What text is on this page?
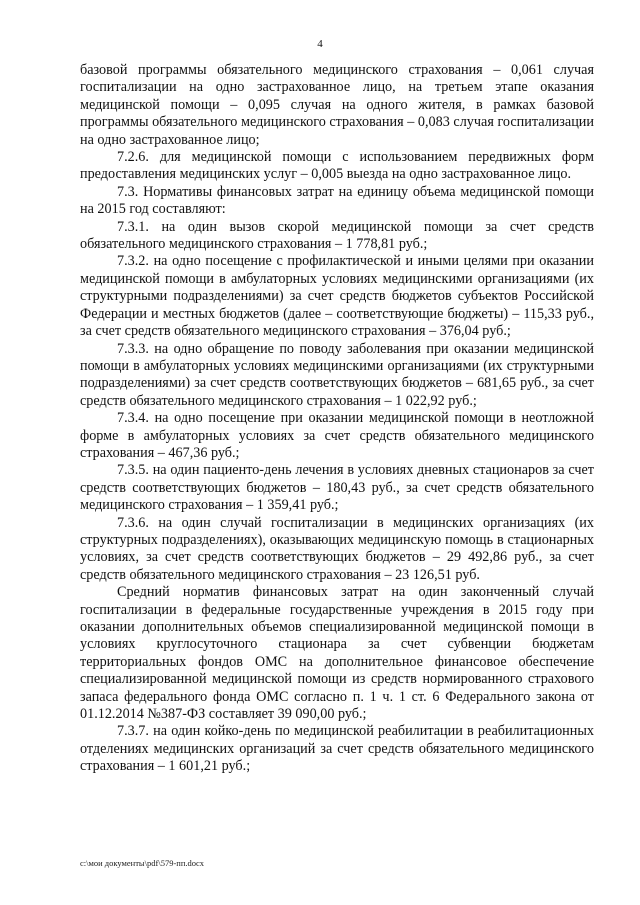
4

базовой программы обязательного медицинского страхования – 0,061 случая госпитализации на одно застрахованное лицо, на третьем этапе оказания медицинской помощи – 0,095 случая на одного жителя, в рамках базовой программы обязательного медицинского страхования – 0,083 случая госпитализации на одно застрахованное лицо;

7.2.6. для медицинской помощи с использованием передвижных форм предоставления медицинских услуг – 0,005 выезда на одно застрахованное лицо.

7.3. Нормативы финансовых затрат на единицу объема медицинской помощи на 2015 год составляют:

7.3.1. на один вызов скорой медицинской помощи за счет средств обязательного медицинского страхования – 1 778,81 руб.;

7.3.2. на одно посещение с профилактической и иными целями при оказании медицинской помощи в амбулаторных условиях медицинскими организациями (их структурными подразделениями) за счет средств бюджетов субъектов Российской Федерации и местных бюджетов (далее – соответствующие бюджеты) – 115,33 руб., за счет средств обязательного медицинского страхования – 376,04 руб.;

7.3.3. на одно обращение по поводу заболевания при оказании медицинской помощи в амбулаторных условиях медицинскими организациями (их структурными подразделениями) за счет средств соответствующих бюджетов – 681,65 руб., за счет средств обязательного медицинского страхования – 1 022,92 руб.;

7.3.4. на одно посещение при оказании медицинской помощи в неотложной форме в амбулаторных условиях за счет средств обязательного медицинского страхования – 467,36 руб.;

7.3.5. на один пациенто-день лечения в условиях дневных стационаров за счет средств соответствующих бюджетов – 180,43 руб., за счет средств обязательного медицинского страхования – 1 359,41 руб.;

7.3.6. на один случай госпитализации в медицинских организациях (их структурных подразделениях), оказывающих медицинскую помощь в стационарных условиях, за счет средств соответствующих бюджетов – 29 492,86 руб., за счет средств обязательного медицинского страхования – 23 126,51 руб.

Средний норматив финансовых затрат на один законченный случай госпитализации в федеральные государственные учреждения в 2015 году при оказании дополнительных объемов специализированной медицинской помощи в условиях круглосуточного стационара за счет субвенции бюджетам территориальных фондов ОМС на дополнительное финансовое обеспечение специализированной медицинской помощи из средств нормированного страхового запаса федерального фонда ОМС согласно п. 1 ч. 1 ст. 6 Федерального закона от 01.12.2014 №387-ФЗ составляет 39 090,00 руб.;

7.3.7. на один койко-день по медицинской реабилитации в реабилитационных отделениях медицинских организаций за счет средств обязательного медицинского страхования – 1 601,21 руб.;

c:\мои документы\pdf\579-пп.docx
